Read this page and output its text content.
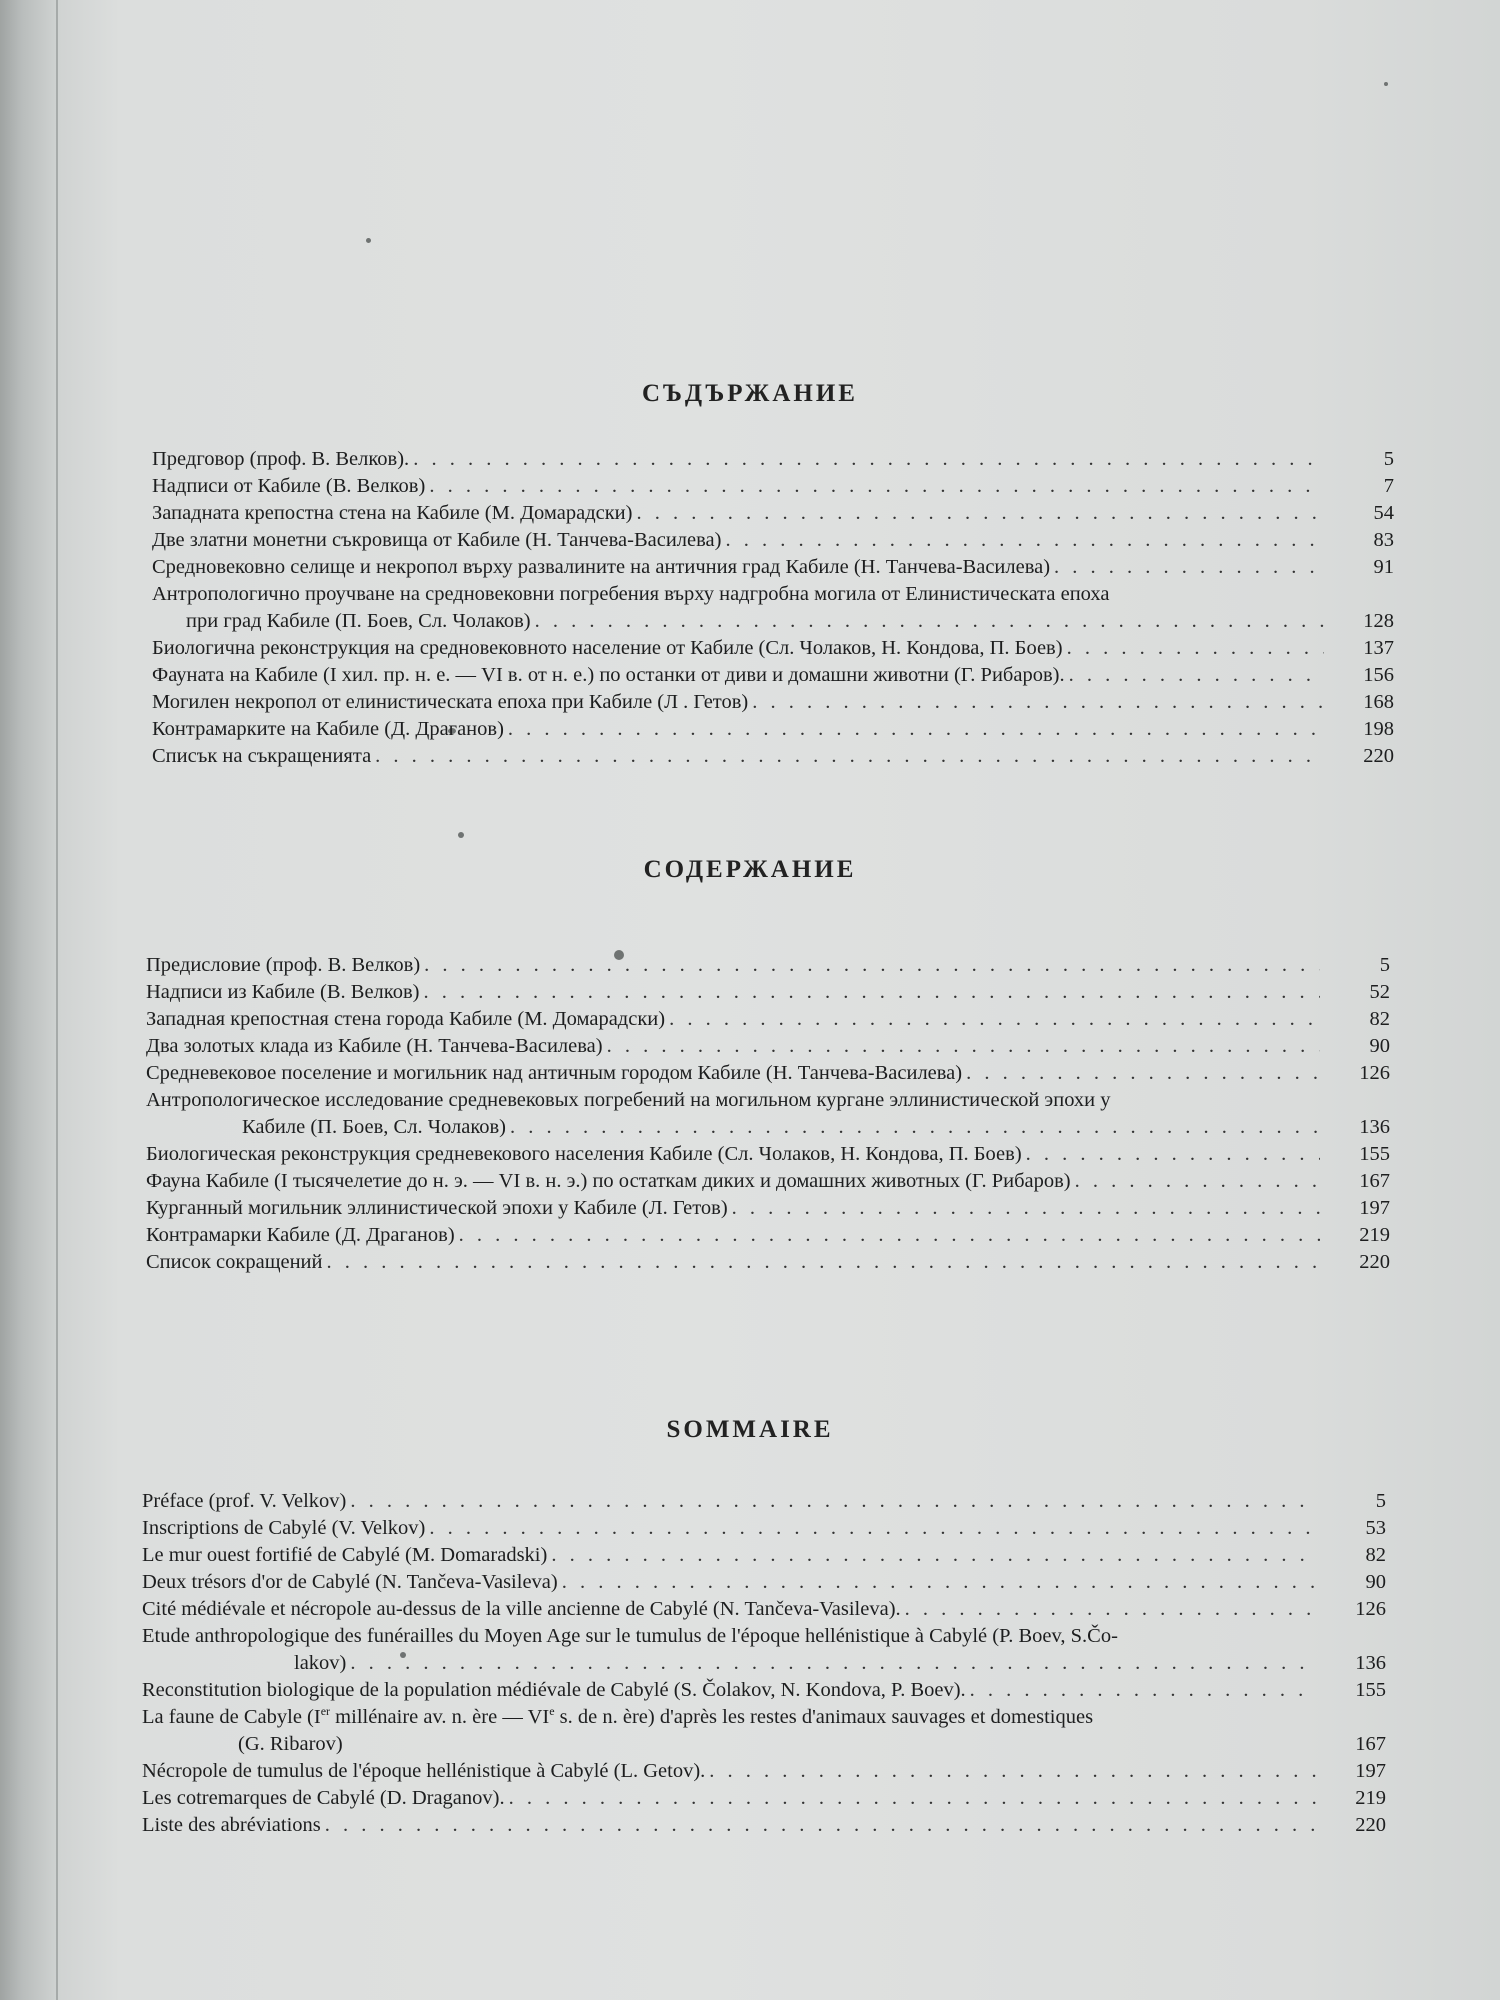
СЪДЪРЖАНИЕ
Предговор (проф. В. Велков). . . .	5
Надписи от Кабиле (В. Велков) . . .	7
Западната крепостна стена на Кабиле (М. Домарадски) . . .	54
Две златни монетни съкровища от Кабиле (Н. Танчева-Василева) . . .	83
Средновековно селище и некропол върху развалините на античния град Кабиле (Н. Танчева-Василева) . . .	91
Антропологично проучване на средновековни погребения върху надгробна могила от Елинистическата епоха
при град Кабиле (П. Боев, Сл. Чолаков) . . .	128
Биологична реконструкция на средновековното население от Кабиле (Сл. Чолаков, Н. Кондова, П. Боев) . . .	137
Фауната на Кабиле (I хил. пр. н. е. — VI в. от н. е.) по останки от диви и домашни животни (Г. Рибаров). . . .	156
Могилен некропол от елинистическата епоха при Кабиле (Л . Гетов) . . .	168
Контрамарките на Кабиле (Д. Драганов) . . .	198
Списък на съкращенията . . .	220
СОДЕРЖАНИЕ
Предисловие (проф. В. Велков) . . .	5
Надписи из Кабиле (В. Велков) . . .	52
Западная крепостная стена города Кабиле (М. Домарадски) . . .	82
Два золотых клада из Кабиле (Н. Танчева-Василева) . . .	90
Средневековое поселение и могильник над античным городом Кабиле (Н. Танчева-Василева) . . .	126
Антропологическое исследование средневековых погребений на могильном кургане эллинистической эпохи у
Кабиле (П. Боев, Сл. Чолаков) . . .	136
Биологическая реконструкция средневекового населения Кабиле (Сл. Чолаков, Н. Кондова, П. Боев) . . .	155
Фауна Кабиле (I тысячелетие до н. э. — VI в. н. э.) по остаткам диких и домашних животных (Г. Рибаров) . . .	167
Курганный могильник эллинистической эпохи у Кабиле (Л. Гетов) . . .	197
Контрамарки Кабиле (Д. Драганов) . . .	219
Список сокращений . . .	220
SOMMAIRE
Préface (prof. V. Velkov) . . .	5
Inscriptions de Cabylé (V. Velkov) . . .	53
Le mur ouest fortifié de Cabylé (M. Domaradski) . . .	82
Deux trésors d'or de Cabylé (N. Tančeva-Vasileva) . . .	90
Cité médiévale et nécropole au-dessus de la ville ancienne de Cabylé (N. Tančeva-Vasileva). . . .	126
Etude anthropologique des funérailles du Moyen Age sur le tumulus de l'époque hellénistique à Cabylé (P. Boev, S.Čo-
lakov) . . .	136
Reconstitution biologique de la population médiévale de Cabylé (S. Čolakov, N. Kondova, P. Boev). . . .	155
La faune de Cabyle (Ier millénaire av. n. ère — VIe s. de n. ère) d'après les restes d'animaux sauvages et domestiques
(G. Ribarov)	167
Nécropole de tumulus de l'époque hellénistique à Cabylé (L. Getov). . . .	197
Les cotremarques de Cabylé (D. Draganov). . . .	219
Liste des abréviations . . .	220
